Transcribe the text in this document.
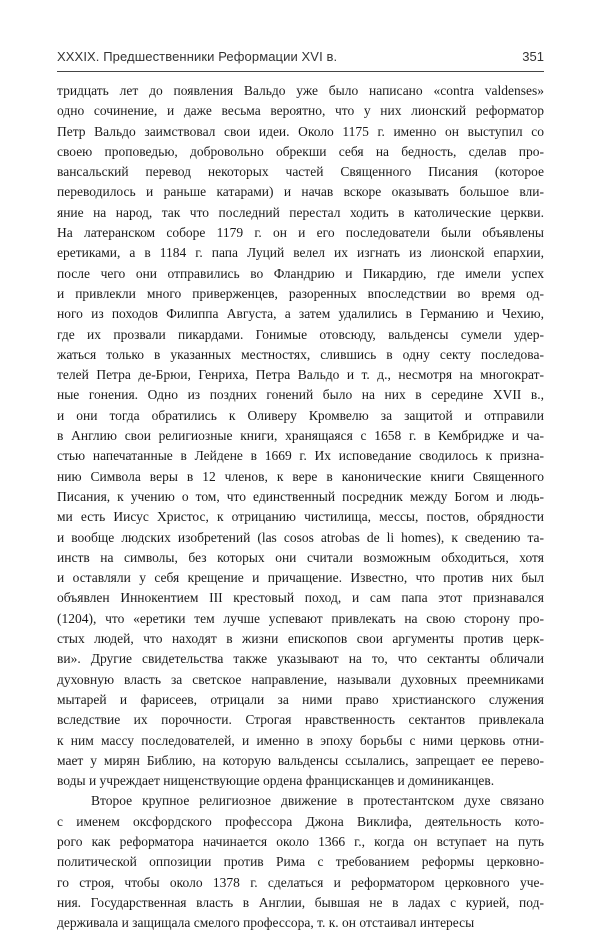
XXXIX. Предшественники Реформации XVI в.	351
тридцать лет до появления Вальдо уже было написано «contra valdenses»
одно сочинение, и даже весьма вероятно, что у них лионский реформатор
Петр Вальдо заимствовал свои идеи. Около 1175 г. именно он выступил со
своею проповедью, добровольно обрекши себя на бедность, сделав про-
вансальский перевод некоторых частей Священного Писания (которое
переводилось и раньше катарами) и начав вскоре оказывать большое вли-
яние на народ, так что последний перестал ходить в католические церкви.
На латеранском соборе 1179 г. он и его последователи были объявлены
еретиками, а в 1184 г. папа Луций велел их изгнать из лионской епархии,
после чего они отправились во Фландрию и Пикардию, где имели успех
и привлекли много приверженцев, разоренных впоследствии во время од-
ного из походов Филиппа Августа, а затем удалились в Германию и Чехию,
где их прозвали пикардами. Гонимые отовсюду, вальденсы сумели удер-
жаться только в указанных местностях, слившись в одну секту последова-
телей Петра де-Брюи, Генриха, Петра Вальдо и т. д., несмотря на многократ-
ные гонения. Одно из поздних гонений было на них в середине XVII в.,
и они тогда обратились к Оливеру Кромвелю за защитой и отправили
в Англию свои религиозные книги, хранящаяся с 1658 г. в Кембридже и ча-
стью напечатанные в Лейдене в 1669 г. Их исповедание сводилось к призна-
нию Символа веры в 12 членов, к вере в канонические книги Священного
Писания, к учению о том, что единственный посредник между Богом и людь-
ми есть Иисус Христос, к отрицанию чистилища, мессы, постов, обрядности
и вообще людских изобретений (las cosos atrobas de li homes), к сведению та-
инств на символы, без которых они считали возможным обходиться, хотя
и оставляли у себя крещение и причащение. Известно, что против них был
объявлен Иннокентием III крестовый поход, и сам папа этот признавался
(1204), что «еретики тем лучше успевают привлекать на свою сторону про-
стых людей, что находят в жизни епископов свои аргументы против церк-
ви». Другие свидетельства также указывают на то, что сектанты обличали
духовную власть за светское направление, называли духовных преемниками
мытарей и фарисеев, отрицали за ними право христианского служения
вследствие их порочности. Строгая нравственность сектантов привлекала
к ним массу последователей, и именно в эпоху борьбы с ними церковь отни-
мает у мирян Библию, на которую вальденсы ссылались, запрещает ее перево-
воды и учреждает нищенствующие ордена францисканцев и доминиканцев.
Второе крупное религиозное движение в протестантском духе связано
с именем оксфордского профессора Джона Виклифа, деятельность кото-
рого как реформатора начинается около 1366 г., когда он вступает на путь
политической оппозиции против Рима с требованием реформы церковно-
го строя, чтобы около 1378 г. сделаться и реформатором церковного уче-
ния. Государственная власть в Англии, бывшая не в ладах с курией, под-
держивала и защищала смелого профессора, т. к. он отстаивал интересы
